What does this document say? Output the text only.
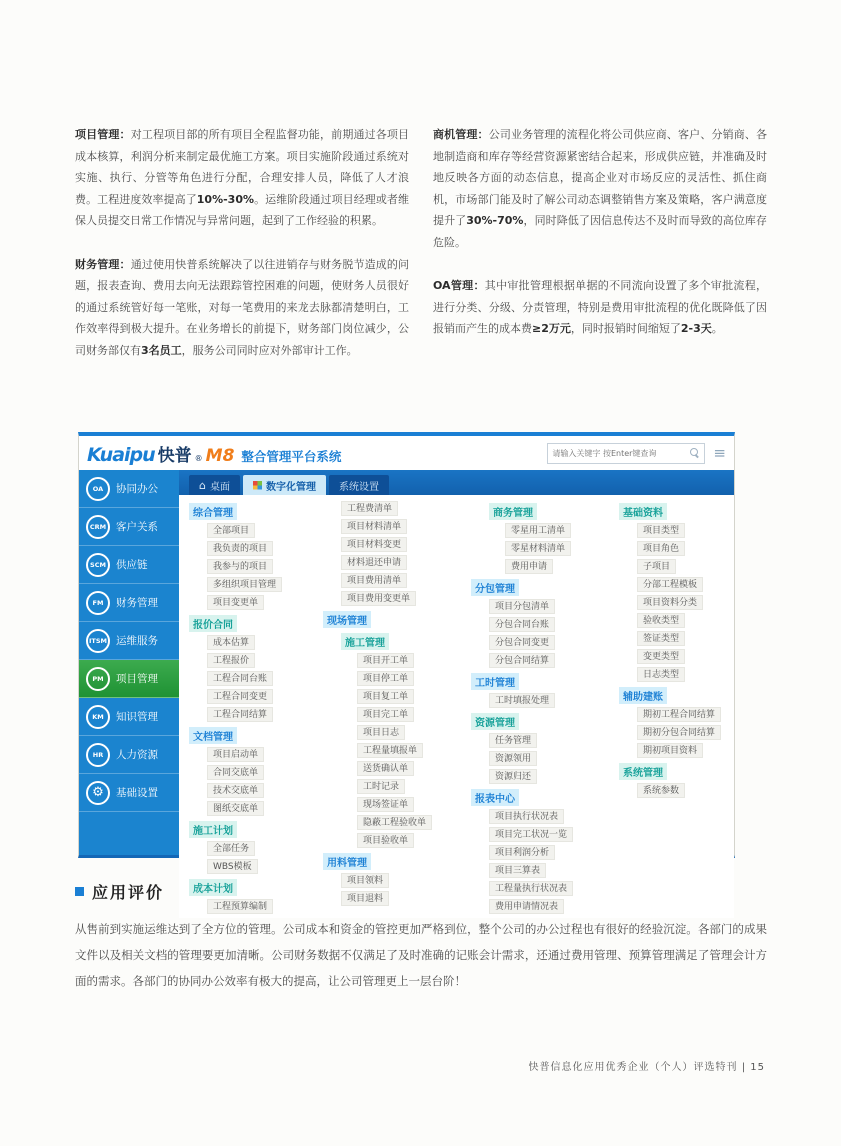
项目管理：对工程项目部的所有项目全程监督功能，前期通过各项目成本核算，利润分析来制定最优施工方案。项目实施阶段通过系统对实施、执行、分管等角色进行分配，合理安排人员，降低了人才浪费。工程进度效率提高了10%-30%。运维阶段通过项目经理或者维保人员提交日常工作情况与异常问题，起到了工作经验的积累。

财务管理：通过使用快普系统解决了以往进销存与财务脱节造成的问题，报表查询、费用去向无法跟踪管控困难的问题，使财务人员很好的通过系统管好每一笔账，对每一笔费用的来龙去脉都清楚明白，工作效率得到极大提升。在业务增长的前提下，财务部门岗位减少，公司财务部仅有3名员工，服务公司同时应对外部审计工作。

商机管理：公司业务管理的流程化将公司供应商、客户、分销商、各地制造商和库存等经营资源紧密结合起来，形成供应链，并准确及时地反映各方面的动态信息，提高企业对市场反应的灵活性、抓住商机，市场部门能及时了解公司动态调整销售方案及策略，客户满意度提升了30%-70%，同时降低了因信息传达不及时而导致的高位库存危险。

OA管理：其中审批管理根据单据的不同流向设置了多个审批流程，进行分类、分级、分责管理，特别是费用审批流程的优化既降低了因报销而产生的成本费≥2万元，同时报销时间缩短了2-3天。

Kuaipu 快普 ® M8 整合管理平台系统
请输入关键字 按Enter键查询	≡
OA	协同办公
CRM 客户关系
SCM 供应链
FM	财务管理
ITSM 运维服务
PM	项目管理
KM	知识管理
HR	人力资源
⚙	基础设置
⌂ 桌面	数字化管理 系统设置
综合管理
全部项目
我负责的项目
我参与的项目
多组织项目管理
项目变更单
报价合同
成本估算
工程报价
工程合同台账
工程合同变更
工程合同结算
文档管理
项目启动单
合同交底单
技术交底单
图纸交底单
施工计划
全部任务
WBS模板
成本计划
工程预算编制
工程费清单
项目材料清单
项目材料变更
材料退还申请
项目费用清单
项目费用变更单
现场管理
施工管理
项目开工单
项目停工单
项目复工单
项目完工单
项目日志
工程量填报单
送货确认单
工时记录
现场签证单
隐蔽工程验收单
项目验收单
用料管理
项目领料
项目退料
商务管理
零星用工清单
零星材料清单
费用申请
分包管理
项目分包清单
分包合同台账
分包合同变更
分包合同结算
工时管理
工时填报处理
资源管理
任务管理
资源领用
资源归还
报表中心
项目执行状况表
项目完工状况一览
项目利润分析
项目三算表
工程量执行状况表
费用申请情况表
基础资料
项目类型
项目角色
子项目
分部工程模板
项目资料分类
验收类型
签证类型
变更类型
日志类型
辅助建账
期初工程合同结算
期初分包合同结算
期初项目资料
系统管理
系统参数
应用评价

从售前到实施运维达到了全方位的管理。公司成本和资金的管控更加严格到位，整个公司的办公过程也有很好的经验沉淀。各部门的成果文件以及相关文档的管理要更加清晰。公司财务数据不仅满足了及时准确的记账会计需求，还通过费用管理、预算管理满足了管理会计方面的需求。各部门的协同办公效率有极大的提高，让公司管理更上一层台阶！

快普信息化应用优秀企业（个人）评选特刊 | 15
